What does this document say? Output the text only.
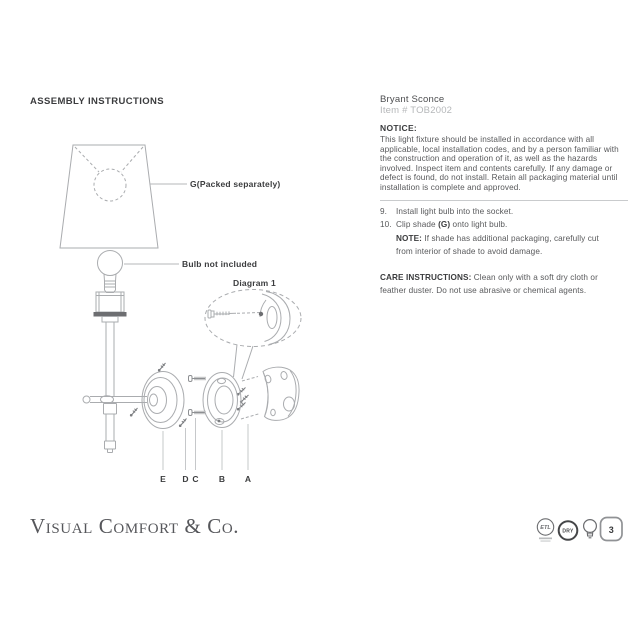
ASSEMBLY INSTRUCTIONS
G(Packed separately)
Bulb not included
Diagram 1
E D C B A
Bryant Sconce
Item # TOB2002
NOTICE:

This light fixture should be installed in accordance with all applicable, local installation codes, and by a person familiar with the construction and operation of it, as well as the hazards involved. Inspect item and contents carefully. If any damage or defect is found, do not install. Retain all packaging material until installation is complete and approved.

9.	Install light bulb into the socket.
10. Clip shade (G) onto light bulb.
NOTE: If shade has additional packaging, carefully cut from interior of shade to avoid damage.

CARE INSTRUCTIONS: Clean only with a soft dry cloth or feather duster. Do not use abrasive or chemical agents.

Visual Comfort & Co.	ETL
DRY	3
